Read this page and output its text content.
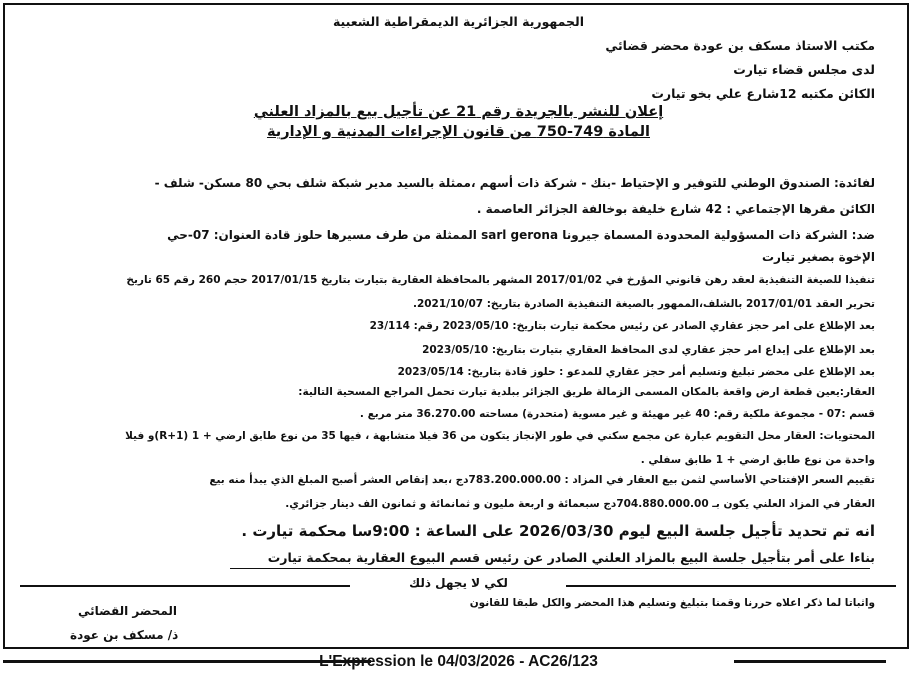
الجمهورية الجزائرية الديمقراطية الشعبية
مكتب الاستاذ مسكف بن عودة محضر قضائي
لدى مجلس قضاء تيارت
الكائن مكتبه 12شارع علي بخو تيارت
إعلان للنشر بالجريدة رقم 21 عن تأجيل بيع بالمزاد العلني
المادة 749-750 من قانون الإجراءات المدنية و الإدارية
لفائدة: الصندوق الوطني للتوفير و الإحتياط -بنك - شركة ذات أسهم ،ممثلة بالسيد مدير شبكة شلف بحي 80 مسكن- شلف -
الكائن مقرها الإجتماعي : 42 شارع خليفة بوخالفة الجزائر العاصمة .
ضد: الشركة ذات المسؤولية المحدودة المسماة جيرونا sarl gerona الممثلة من طرف مسيرها حلوز قادة العنوان: 07-حي
الإخوة بصغير تيارت
تنفيذا للصيغة التنفيذية لعقد رهن قانوني المؤرخ في 2017/01/02 المشهر بالمحافظة العقارية بتيارت بتاريخ 2017/01/15 حجم 260 رقم 65 تاريخ
تحرير العقد 2017/01/01 بالشلف،الممهور بالصيغة التنفيذية الصادرة بتاريخ: 2021/10/07.
بعد الإطلاع على امر حجز عقاري الصادر عن رئيس محكمة تيارت بتاريخ: 2023/05/10 رقم: 23/114
بعد الإطلاع على إيداع امر حجز عقاري لدى المحافظ العقاري بتيارت بتاريخ: 2023/05/10
بعد الإطلاع على محضر تبليغ وتسليم أمر حجز عقاري للمدعو : حلوز قادة بتاريخ: 2023/05/14
العقار:يعين قطعة ارض واقعة بالمكان المسمى الزمالة طريق الجزائر ببلدية تيارت تحمل المراجع المسحية التالية:
قسم :07 - مجموعة ملكية رقم: 40 غير مهيئة و غير مسوية (متحدرة) مساحته 36.270.00 متر مربع .
المحتويات: العقار محل التقويم عبارة عن مجمع سكني في طور الإنجاز يتكون من 36 فيلا متشابهة ، فيها 35 من نوع طابق ارضي + 1 (R+1)و فيلا
واحدة من نوع طابق ارضي + 1 طابق سفلي .
تقييم السعر الإفتتاحي الأساسي لثمن بيع العقار في المزاد : 783.200.000.00دج ،بعد إنقاص العشر أصبح المبلغ الذي يبدأ منه بيع
العقار في المزاد العلني يكون بـ 704.880.000.00دج سبعمائة و اربعة مليون و ثمانمائة و ثمانون الف دينار جزائري.
انه تم تحديد تأجيل جلسة البيع ليوم 2026/03/30 على الساعة : 9:00سا محكمة تيارت .
بناءا على أمر بتأجيل جلسة البيع بالمزاد العلني الصادر عن رئيس قسم البيوع العقارية بمحكمة تيارت
لكي لا يجهل ذلك
واثباتا لما ذكر اعلاه حررنا وقمنا بتبليغ وتسليم هذا المحضر والكل طبقا للقانون
المحضر القضائي
ذ/ مسكف بن عودة
L'Expression le 04/03/2026 - AC26/123
